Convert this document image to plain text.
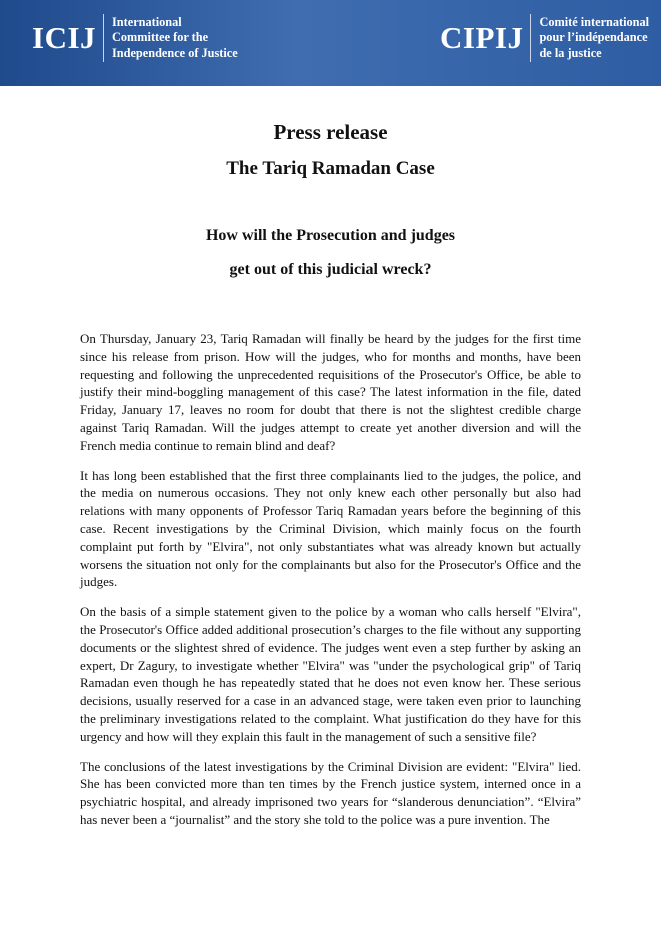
ICIJ	International
Committee for the
Independence of Justice	CIPIJ	Comité international
pour l’indépendance
de la justice
Press release
The Tariq Ramadan Case
How will the Prosecution and judges
get out of this judicial wreck?

On Thursday, January 23, Tariq Ramadan will finally be heard by the judges for the first time since his release from prison. How will the judges, who for months and months, have been requesting and following the unprecedented requisitions of the Prosecutor's Office, be able to justify their mind-boggling management of this case? The latest information in the file, dated Friday, January 17, leaves no room for doubt that there is not the slightest credible charge against Tariq Ramadan. Will the judges attempt to create yet another diversion and will the French media continue to remain blind and deaf?

It has long been established that the first three complainants lied to the judges, the police, and the media on numerous occasions. They not only knew each other personally but also had relations with many opponents of Professor Tariq Ramadan years before the beginning of this case. Recent investigations by the Criminal Division, which mainly focus on the fourth complaint put forth by "Elvira", not only substantiates what was already known but actually worsens the situation not only for the complainants but also for the Prosecutor's Office and the judges.

On the basis of a simple statement given to the police by a woman who calls herself "Elvira", the Prosecutor's Office added additional prosecution’s charges to the file without any supporting documents or the slightest shred of evidence. The judges went even a step further by asking an expert, Dr Zagury, to investigate whether "Elvira" was "under the psychological grip" of Tariq Ramadan even though he has repeatedly stated that he does not even know her. These serious decisions, usually reserved for a case in an advanced stage, were taken even prior to launching the preliminary investigations related to the complaint. What justification do they have for this urgency and how will they explain this fault in the management of such a sensitive file?

The conclusions of the latest investigations by the Criminal Division are evident: "Elvira" lied. She has been convicted more than ten times by the French justice system, interned once in a psychiatric hospital, and already imprisoned two years for “slanderous denunciation”. “Elvira” has never been a “journalist” and the story she told to the police was a pure invention. The
